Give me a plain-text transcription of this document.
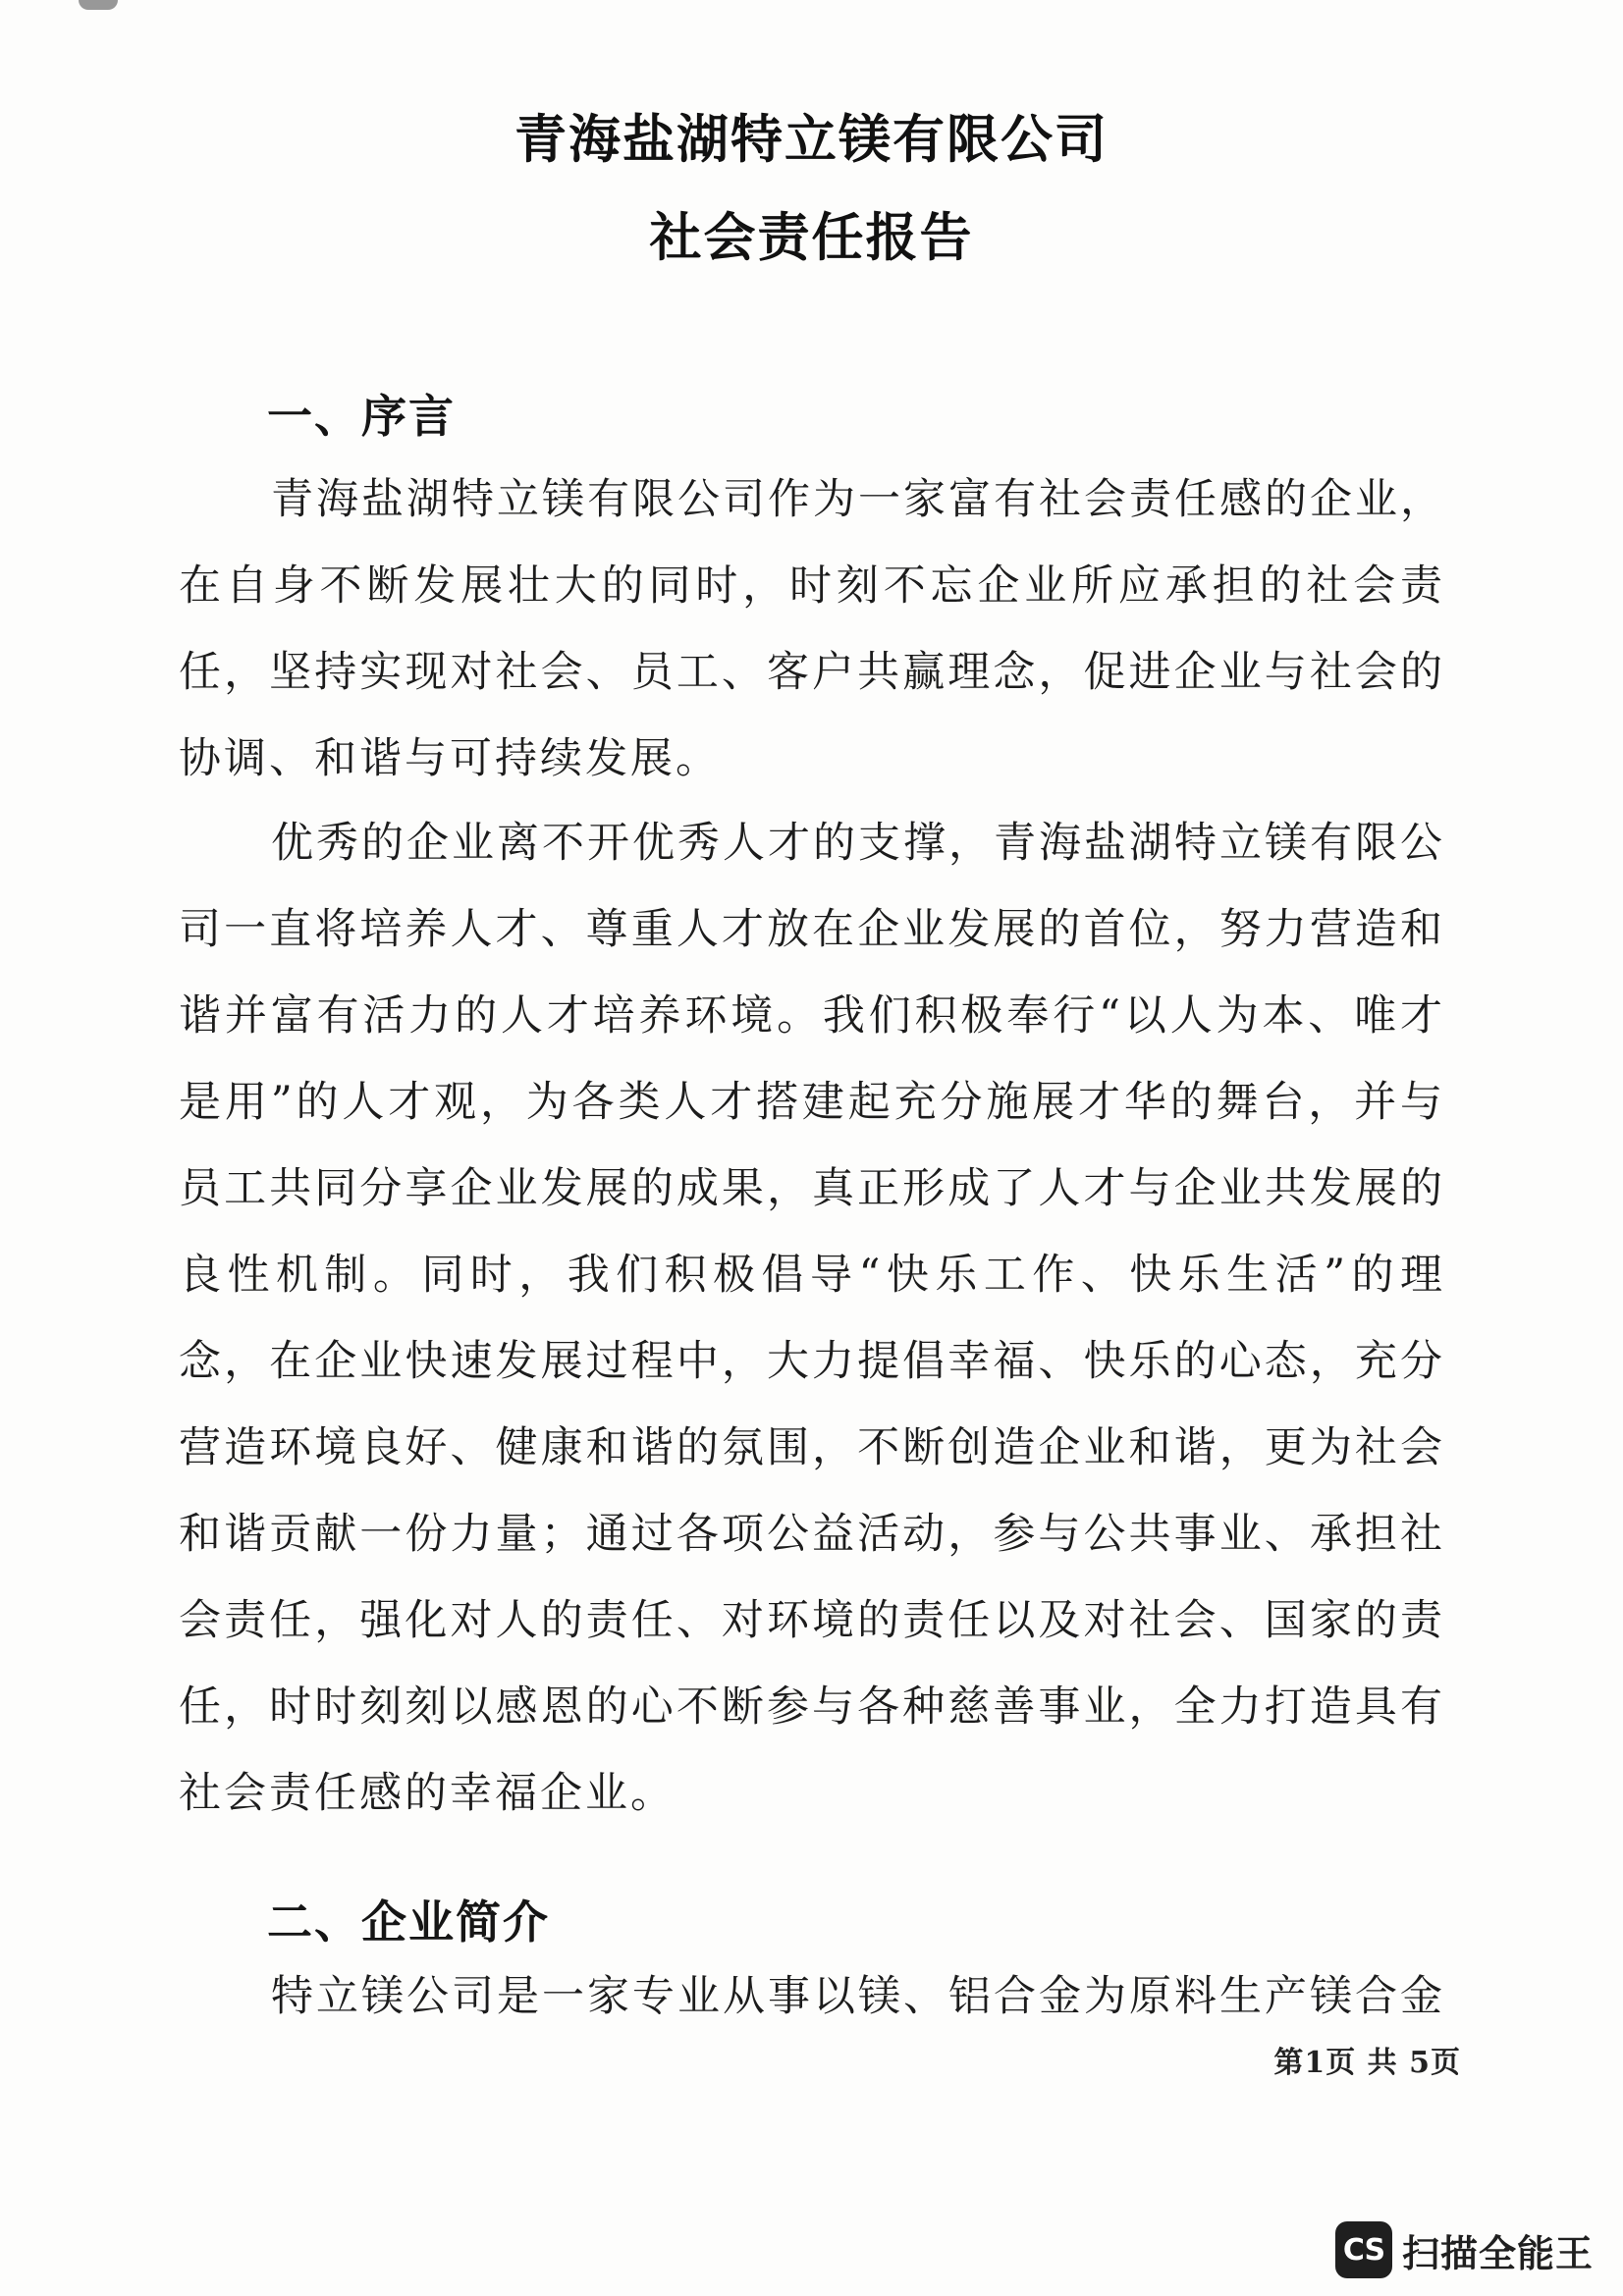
青海盐湖特立镁有限公司
社会责任报告
一、序言

青海盐湖特立镁有限公司作为一家富有社会责任感的企业，在自身不断发展壮大的同时，时刻不忘企业所应承担的社会责任，坚持实现对社会、员工、客户共赢理念，促进企业与社会的协调、和谐与可持续发展。

优秀的企业离不开优秀人才的支撑，青海盐湖特立镁有限公司一直将培养人才、尊重人才放在企业发展的首位，努力营造和谐并富有活力的人才培养环境。我们积极奉行“以人为本、唯才是用”的人才观，为各类人才搭建起充分施展才华的舞台，并与员工共同分享企业发展的成果，真正形成了人才与企业共发展的良性机制。同时，我们积极倡导“快乐工作、快乐生活”的理念，在企业快速发展过程中，大力提倡幸福、快乐的心态，充分营造环境良好、健康和谐的氛围，不断创造企业和谐，更为社会和谐贡献一份力量；通过各项公益活动，参与公共事业、承担社会责任，强化对人的责任、对环境的责任以及对社会、国家的责任，时时刻刻以感恩的心不断参与各种慈善事业，全力打造具有社会责任感的幸福企业。

二、企业简介

特立镁公司是一家专业从事以镁、铝合金为原料生产镁合金

第1页 共 5页
CS 扫描全能王
